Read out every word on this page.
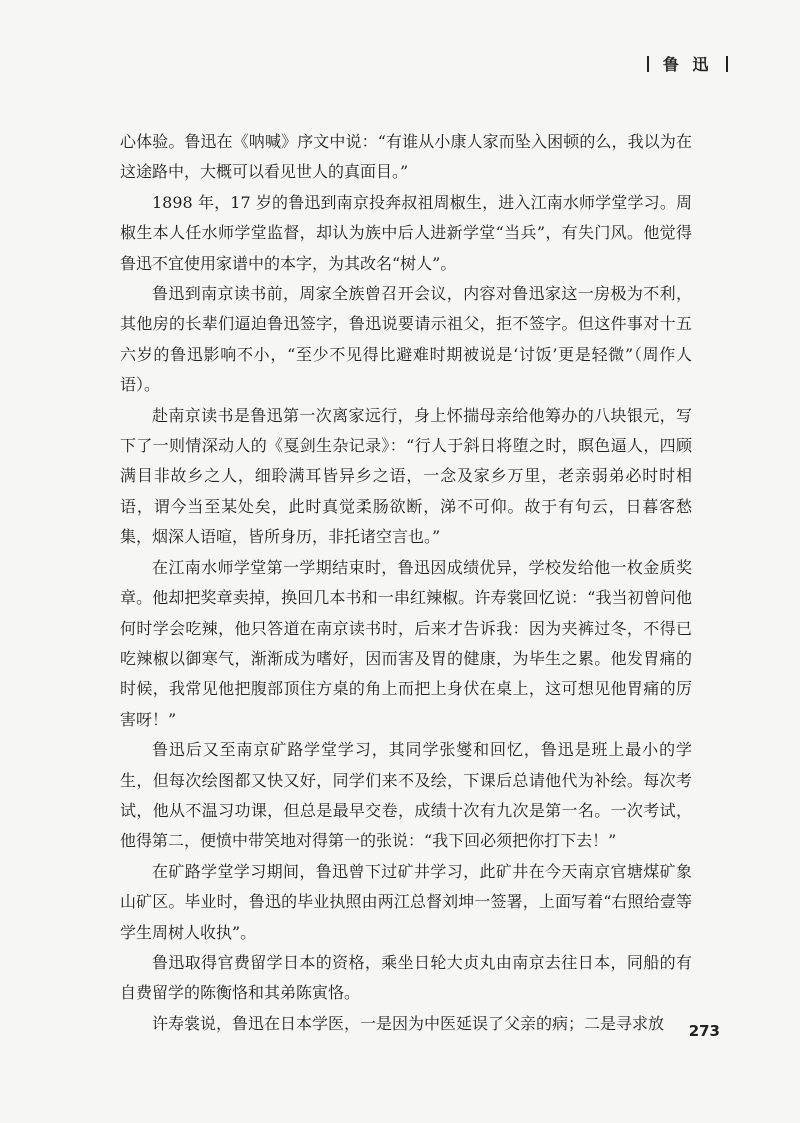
鲁 迅

心体验。鲁迅在《呐喊》序文中说：“有谁从小康人家而坠入困顿的么，我以为在这途路中，大概可以看见世人的真面目。”

1898 年，17 岁的鲁迅到南京投奔叔祖周椒生，进入江南水师学堂学习。周椒生本人任水师学堂监督，却认为族中后人进新学堂“当兵”，有失门风。他觉得鲁迅不宜使用家谱中的本字，为其改名“树人”。

鲁迅到南京读书前，周家全族曾召开会议，内容对鲁迅家这一房极为不利，其他房的长辈们逼迫鲁迅签字，鲁迅说要请示祖父，拒不签字。但这件事对十五六岁的鲁迅影响不小，“至少不见得比避难时期被说是‘讨饭’更是轻微”（周作人语）。

赴南京读书是鲁迅第一次离家远行，身上怀揣母亲给他筹办的八块银元，写下了一则情深动人的《戛剑生杂记录》：“行人于斜日将堕之时，瞑色逼人，四顾满目非故乡之人，细聆满耳皆异乡之语，一念及家乡万里，老亲弱弟必时时相语，谓今当至某处矣，此时真觉柔肠欲断，涕不可仰。故于有句云，日暮客愁集，烟深人语喧，皆所身历，非托诸空言也。”

在江南水师学堂第一学期结束时，鲁迅因成绩优异，学校发给他一枚金质奖章。他却把奖章卖掉，换回几本书和一串红辣椒。许寿裳回忆说：“我当初曾问他何时学会吃辣，他只答道在南京读书时，后来才告诉我：因为夹裤过冬，不得已吃辣椒以御寒气，渐渐成为嗜好，因而害及胃的健康，为毕生之累。他发胃痛的时候，我常见他把腹部顶住方桌的角上而把上身伏在桌上，这可想见他胃痛的厉害呀！”

鲁迅后又至南京矿路学堂学习，其同学张燮和回忆，鲁迅是班上最小的学生，但每次绘图都又快又好，同学们来不及绘，下课后总请他代为补绘。每次考试，他从不温习功课，但总是最早交卷，成绩十次有九次是第一名。一次考试，他得第二，便愤中带笑地对得第一的张说：“我下回必须把你打下去！”

在矿路学堂学习期间，鲁迅曾下过矿井学习，此矿井在今天南京官塘煤矿象山矿区。毕业时，鲁迅的毕业执照由两江总督刘坤一签署，上面写着“右照给壹等学生周树人收执”。

鲁迅取得官费留学日本的资格，乘坐日轮大贞丸由南京去往日本，同船的有自费留学的陈衡恪和其弟陈寅恪。

许寿裳说，鲁迅在日本学医，一是因为中医延误了父亲的病；二是寻求放	273
